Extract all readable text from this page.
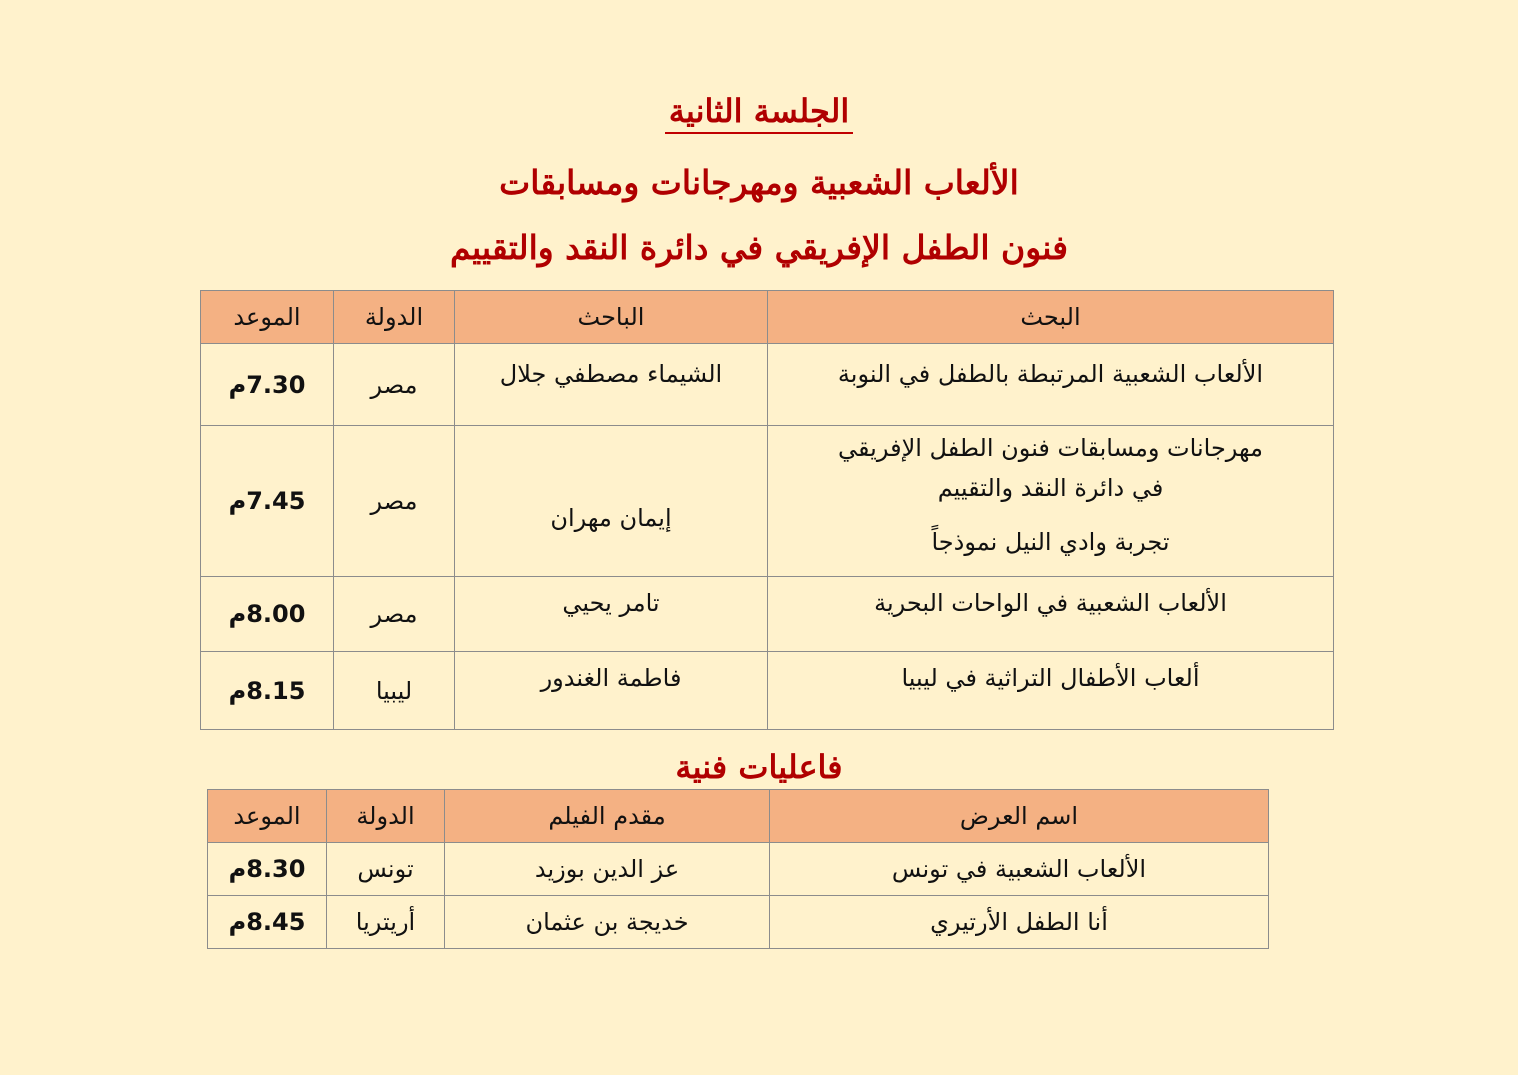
الجلسة الثانية
الألعاب الشعبية ومهرجانات ومسابقات
فنون الطفل الإفريقي في دائرة النقد والتقييم
البحث	الباحث	الدولة	الموعد

الألعاب الشعبية المرتبطة بالطفل في النوبة	الشيماء مصطفي جلال	مصر	7.30م

مهرجانات ومسابقات فنون الطفل الإفريقي
في دائرة النقد والتقييم
تجربة وادي النيل نموذجاً	إيمان مهران	مصر	7.45م

الألعاب الشعبية في الواحات البحرية	تامر يحيي	مصر	8.00م

ألعاب الأطفال التراثية في ليبيا	فاطمة الغندور	ليبيا	8.15م
فاعليات فنية
اسم العرض	مقدم الفيلم	الدولة	الموعد
الألعاب الشعبية في تونس	عز الدين بوزيد	تونس	8.30م
أنا الطفل الأرتيري	خديجة بن عثمان	أريتريا	8.45م
